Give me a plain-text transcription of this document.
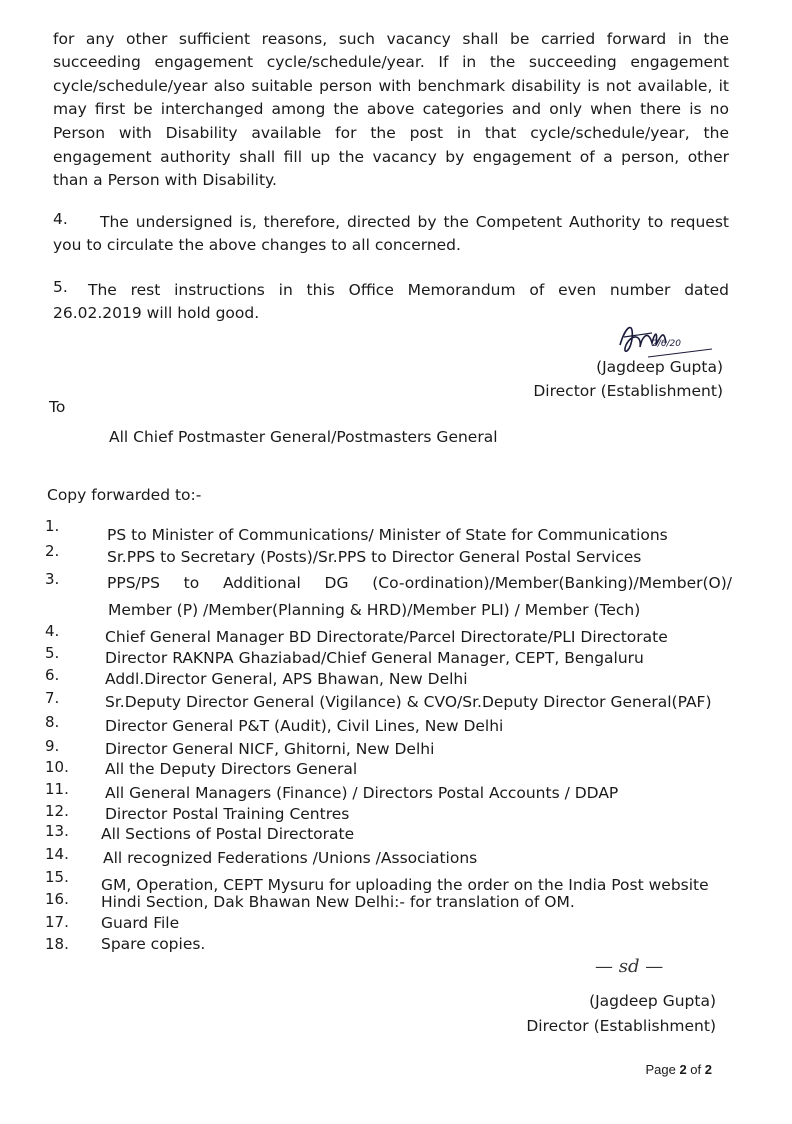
for any other sufficient reasons, such vacancy shall be carried forward in the
succeeding engagement cycle/schedule/year. If in the succeeding engagement
cycle/schedule/year also suitable person with benchmark disability is not available, it
may first be interchanged among the above categories and only when there is no
Person with Disability available for the post in that cycle/schedule/year, the
engagement authority shall fill up the vacancy by engagement of a person, other
than a Person with Disability.
4.	The undersigned is, therefore, directed by the Competent Authority to request
you to circulate the above changes to all concerned.
5.	The rest instructions in this Office Memorandum of even number dated
26.02.2019 will hold good.
2/6/20
(Jagdeep Gupta)
Director (Establishment)
To
All Chief Postmaster General/Postmasters General
Copy forwarded to:-
1.	PS to Minister of Communications/ Minister of State for Communications
2.	Sr.PPS to Secretary (Posts)/Sr.PPS to Director General Postal Services
3.	PPS/PS to Additional DG (Co-ordination)/Member(Banking)/Member(O)/
Member (P) /Member(Planning & HRD)/Member PLI) / Member (Tech)
4.	Chief General Manager BD Directorate/Parcel Directorate/PLI Directorate
5.	Director RAKNPA Ghaziabad/Chief General Manager, CEPT, Bengaluru
6.	Addl.Director General, APS Bhawan, New Delhi
7.	Sr.Deputy Director General (Vigilance) & CVO/Sr.Deputy Director General(PAF)
8.	Director General P&T (Audit), Civil Lines, New Delhi
9.	Director General NICF, Ghitorni, New Delhi
10.	All the Deputy Directors General
11.	All General Managers (Finance) / Directors Postal Accounts / DDAP
12.	Director Postal Training Centres
13.	All Sections of Postal Directorate
14.	All recognized Federations /Unions /Associations
15.	GM, Operation, CEPT Mysuru for uploading the order on the India Post website
16.	Hindi Section, Dak Bhawan New Delhi:- for translation of OM.
17.	Guard File
18.	Spare copies.
— sd —
(Jagdeep Gupta)
Director (Establishment)
Page 2 of 2
